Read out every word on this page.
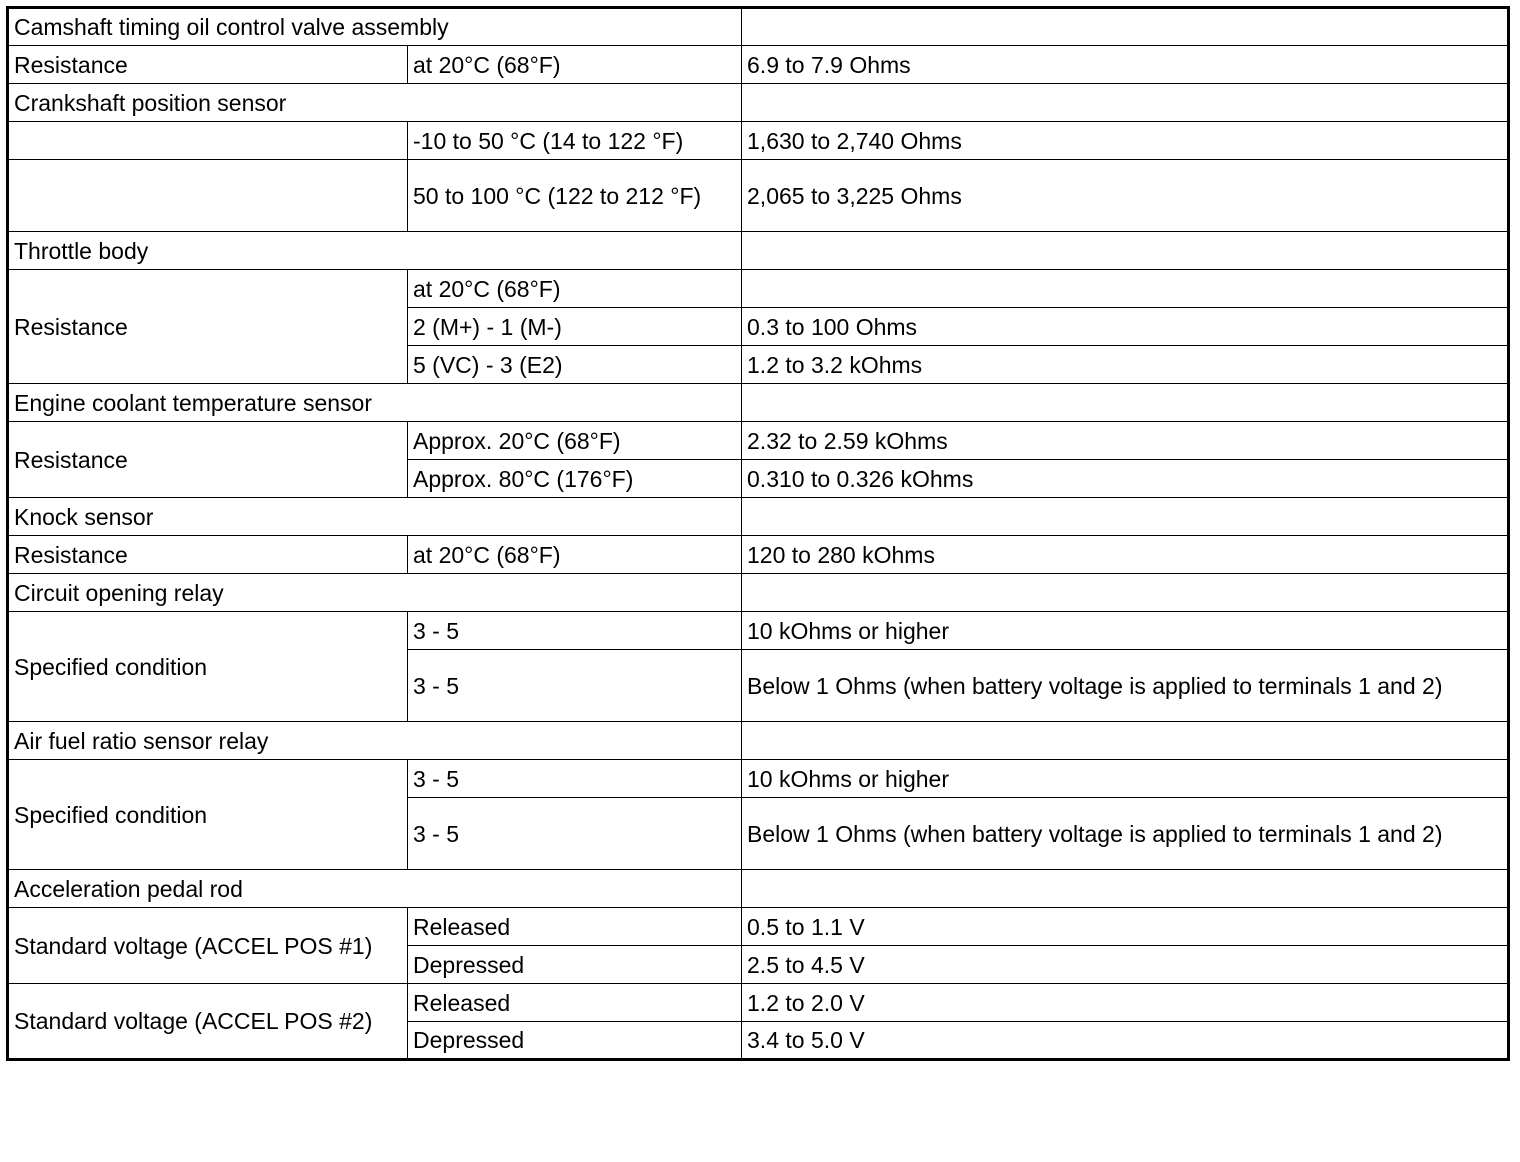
Camshaft timing oil control valve assembly		
Resistance	at 20°C (68°F)	6.9 to 7.9 Ohms
Crankshaft position sensor		
	-10 to 50 °C (14 to 122 °F)	1,630 to 2,740 Ohms
	50 to 100 °C (122 to 212 °F)	2,065 to 3,225 Ohms
Throttle body		
Resistance	at 20°C (68°F)	
	2 (M+) - 1 (M-)	0.3 to 100 Ohms
	5 (VC) - 3 (E2)	1.2 to 3.2 kOhms
Engine coolant temperature sensor		
Resistance	Approx. 20°C (68°F)	2.32 to 2.59 kOhms
	Approx. 80°C (176°F)	0.310 to 0.326 kOhms
Knock sensor		
Resistance	at 20°C (68°F)	120 to 280 kOhms
Circuit opening relay		
Specified condition	3 - 5	10 kOhms or higher
	3 - 5	Below 1 Ohms (when battery voltage is applied to terminals 1 and 2)
Air fuel ratio sensor relay		
Specified condition	3 - 5	10 kOhms or higher
	3 - 5	Below 1 Ohms (when battery voltage is applied to terminals 1 and 2)
Acceleration pedal rod		
Standard voltage (ACCEL POS #1)	Released	0.5 to 1.1 V
	Depressed	2.5 to 4.5 V
Standard voltage (ACCEL POS #2)	Released	1.2 to 2.0 V
	Depressed	3.4 to 5.0 V
